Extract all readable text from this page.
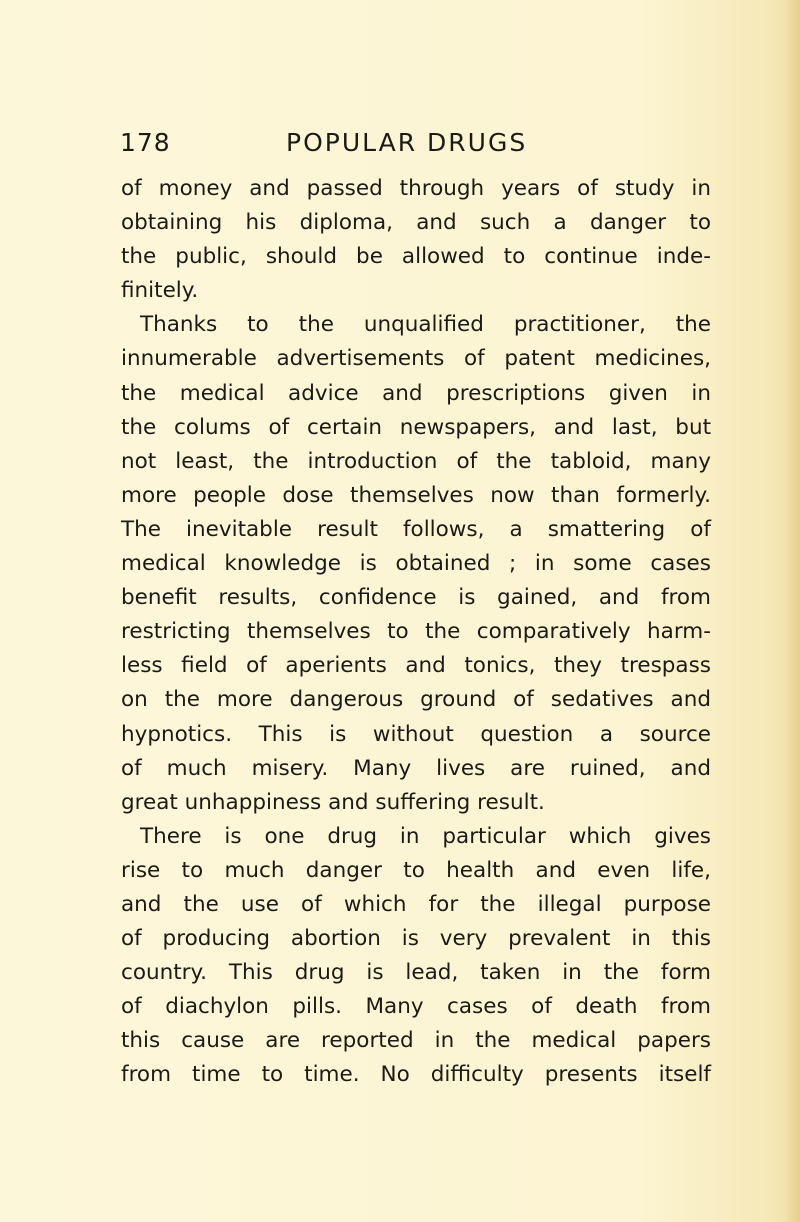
178	POPULAR DRUGS
of money and passed through years of study in
obtaining his diploma, and such a danger to
the public, should be allowed to continue inde-
finitely.
Thanks to the unqualified practitioner, the
innumerable advertisements of patent medicines,
the medical advice and prescriptions given in
the colums of certain newspapers, and last, but
not least, the introduction of the tabloid, many
more people dose themselves now than formerly.
The inevitable result follows, a smattering of
medical knowledge is obtained ; in some cases
benefit results, confidence is gained, and from
restricting themselves to the comparatively harm-
less field of aperients and tonics, they trespass
on the more dangerous ground of sedatives and
hypnotics. This is without question a source
of much misery. Many lives are ruined, and
great unhappiness and suffering result.
There is one drug in particular which gives
rise to much danger to health and even life,
and the use of which for the illegal purpose
of producing abortion is very prevalent in this
country. This drug is lead, taken in the form
of diachylon pills. Many cases of death from
this cause are reported in the medical papers
from time to time. No difficulty presents itself
